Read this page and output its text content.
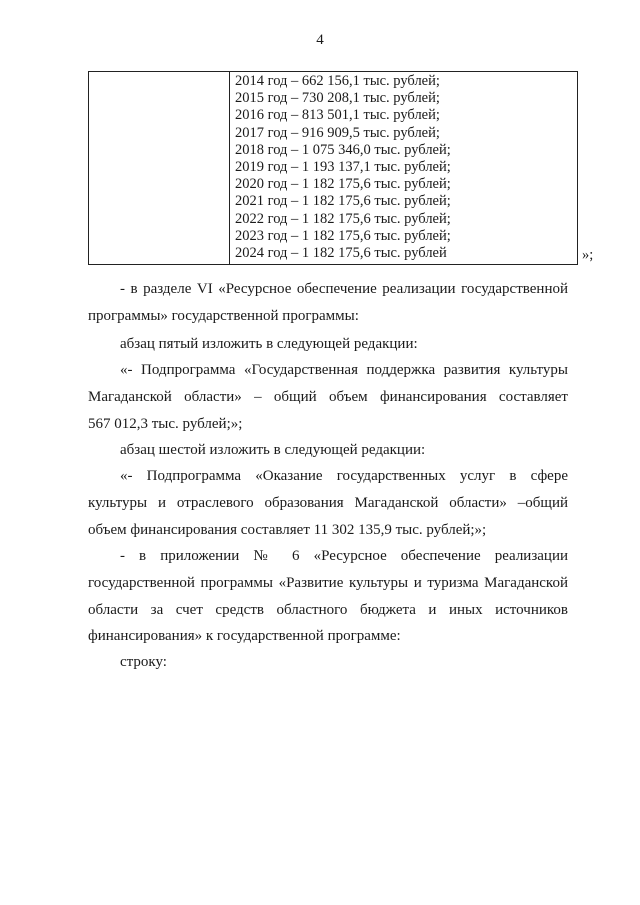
4
2014 год – 662 156,1 тыс. рублей;
2015 год – 730 208,1 тыс. рублей;
2016 год – 813 501,1 тыс. рублей;
2017 год – 916 909,5 тыс. рублей;
2018 год – 1 075 346,0 тыс. рублей;
2019 год – 1 193 137,1 тыс. рублей;
2020 год – 1 182 175,6 тыс. рублей;
2021 год – 1 182 175,6 тыс. рублей;
2022 год – 1 182 175,6 тыс. рублей;
2023 год – 1 182 175,6 тыс. рублей;
2024 год – 1 182 175,6 тыс. рублей	»;

- в разделе VI «Ресурсное обеспечение реализации государственной

программы» государственной программы:

абзац пятый изложить в следующей редакции:

«- Подпрограмма «Государственная поддержка развития культуры

Магаданской области» – общий объем финансирования составляет

567 012,3 тыс. рублей;»;

абзац шестой изложить в следующей редакции:

«- Подпрограмма «Оказание государственных услуг в сфере

культуры и отраслевого образования Магаданской области» –общий

объем финансирования составляет 11 302 135,9 тыс. рублей;»;

- в приложении № 6 «Ресурсное обеспечение реализации

государственной программы «Развитие культуры и туризма Магаданской

области за счет средств областного бюджета и иных источников

финансирования» к государственной программе:

строку:
